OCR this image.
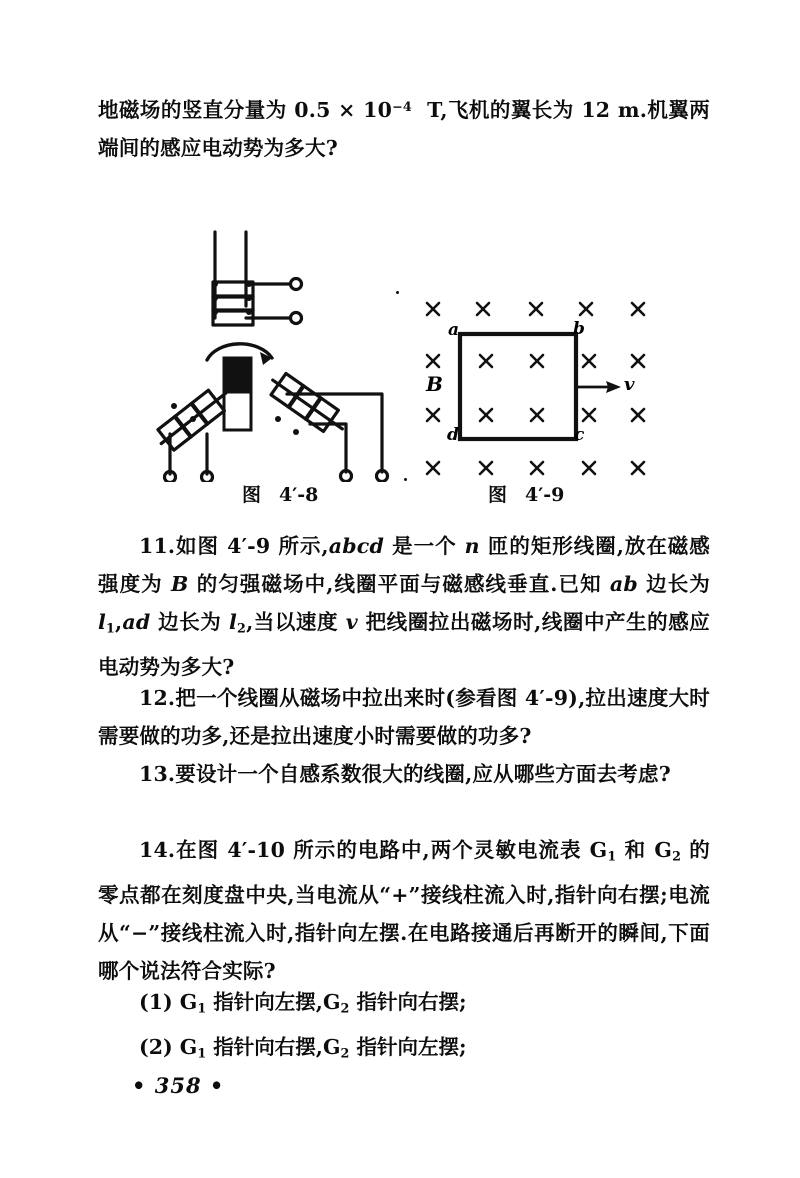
地磁场的竖直分量为 $0.5 \times 10^{-4}$  T,飞机的翼长为 12 m.机翼两端间的感应电动势为多大?

图 4′-8
a	b
c
d
B	v
图 4′-9

11.如图 4′-9 所示,abcd 是一个 n 匝的矩形线圈,放在磁感强度为 B 的匀强磁场中,线圈平面与磁感线垂直.已知 ab 边长为 $l_1,ad$ 边长为 $l_2$,当以速度 v 把线圈拉出磁场时,线圈中产生的感应电动势为多大?

12.把一个线圈从磁场中拉出来时(参看图 4′-9),拉出速度大时需要做的功多,还是拉出速度小时需要做的功多?

13.要设计一个自感系数很大的线圈,应从哪些方面去考虑?

14.在图 4′-10 所示的电路中,两个灵敏电流表 $G_1$ 和 $G_2$ 的零点都在刻度盘中央,当电流从“+”接线柱流入时,指针向右摆;电流从“−”接线柱流入时,指针向左摆.在电路接通后再断开的瞬间,下面哪个说法符合实际?

(1) $G_1$ 指针向左摆$,G_2$ 指针向右摆;
(2) $G_1$ 指针向右摆$,G_2$ 指针向左摆;
• 358 •
